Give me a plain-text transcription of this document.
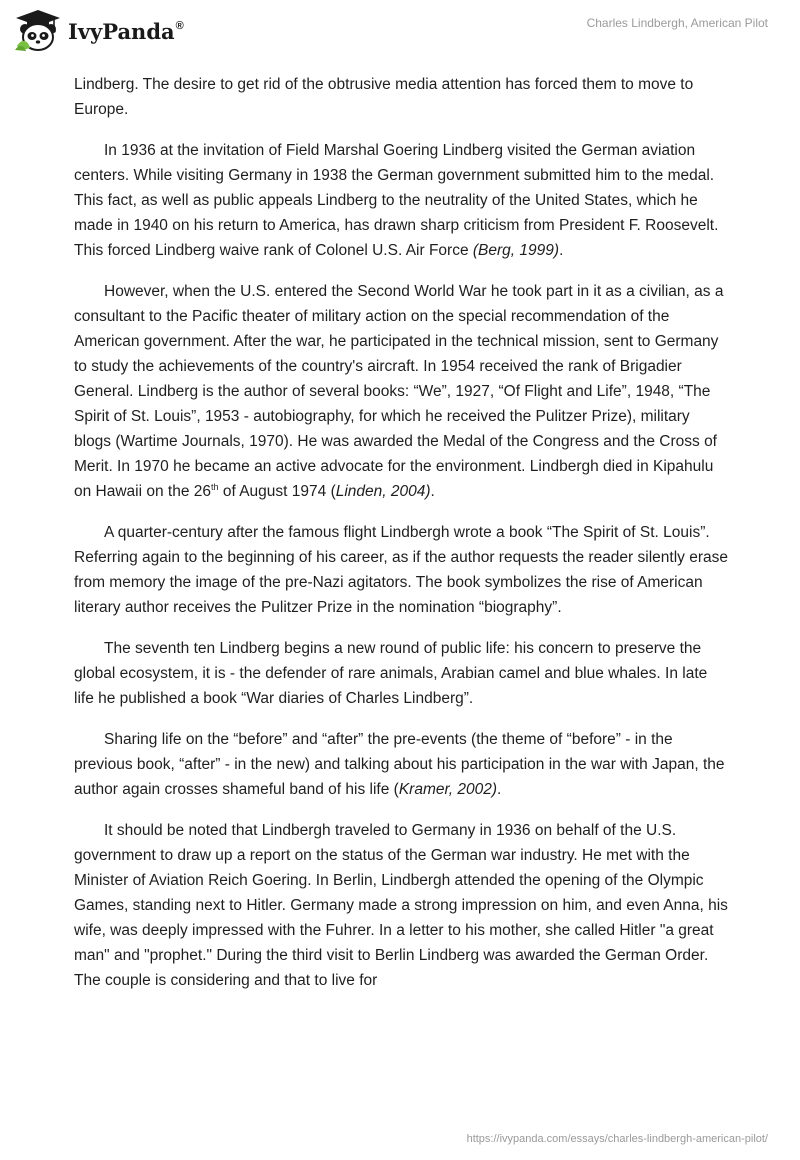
IvyPanda®	Charles Lindbergh, American Pilot

Lindberg. The desire to get rid of the obtrusive media attention has forced them to move to Europe.

In 1936 at the invitation of Field Marshal Goering Lindberg visited the German aviation centers. While visiting Germany in 1938 the German government submitted him to the medal. This fact, as well as public appeals Lindberg to the neutrality of the United States, which he made in 1940 on his return to America, has drawn sharp criticism from President F. Roosevelt. This forced Lindberg waive rank of Colonel U.S. Air Force (Berg, 1999).

However, when the U.S. entered the Second World War he took part in it as a civilian, as a consultant to the Pacific theater of military action on the special recommendation of the American government. After the war, he participated in the technical mission, sent to Germany to study the achievements of the country's aircraft. In 1954 received the rank of Brigadier General. Lindberg is the author of several books: “We”, 1927, “Of Flight and Life”, 1948, “The Spirit of St. Louis”, 1953 - autobiography, for which he received the Pulitzer Prize), military blogs (Wartime Journals, 1970). He was awarded the Medal of the Congress and the Cross of Merit. In 1970 he became an active advocate for the environment. Lindbergh died in Kipahulu on Hawaii on the 26th of August 1974 (Linden, 2004).

A quarter-century after the famous flight Lindbergh wrote a book “The Spirit of St. Louis”. Referring again to the beginning of his career, as if the author requests the reader silently erase from memory the image of the pre-Nazi agitators. The book symbolizes the rise of American literary author receives the Pulitzer Prize in the nomination “biography”.

The seventh ten Lindberg begins a new round of public life: his concern to preserve the global ecosystem, it is - the defender of rare animals, Arabian camel and blue whales. In late life he published a book “War diaries of Charles Lindberg”.

Sharing life on the “before” and “after” the pre-events (the theme of “before” - in the previous book, “after” - in the new) and talking about his participation in the war with Japan, the author again crosses shameful band of his life (Kramer, 2002).

It should be noted that Lindbergh traveled to Germany in 1936 on behalf of the U.S. government to draw up a report on the status of the German war industry. He met with the Minister of Aviation Reich Goering. In Berlin, Lindbergh attended the opening of the Olympic Games, standing next to Hitler. Germany made a strong impression on him, and even Anna, his wife, was deeply impressed with the Fuhrer. In a letter to his mother, she called Hitler "a great man" and "prophet." During the third visit to Berlin Lindberg was awarded the German Order. The couple is considering and that to live for

https://ivypanda.com/essays/charles-lindbergh-american-pilot/
